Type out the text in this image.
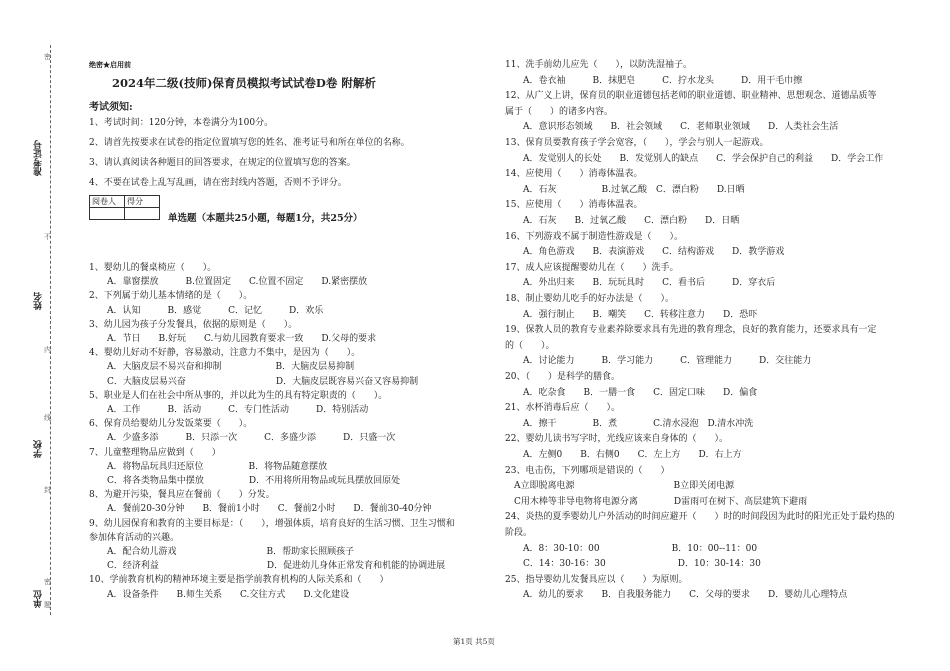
密
不
内
线
封
密
题
准考证号
姓名
学校
单位
绝密★启用前
2024年二级(技师)保育员模拟考试试卷D卷 附解析
考试须知:
1、考试时间：120分钟，本卷满分为100分。
2、请首先按要求在试卷的指定位置填写您的姓名、准考证号和所在单位的名称。
3、请认真阅读各种题目的回答要求，在规定的位置填写您的答案。
4、不要在试卷上乱写乱画，请在密封线内答题，否则不予评分。
阅卷人	得分

单选题（本题共25小题，每题1分，共25分）
1、婴幼儿的餐桌椅应（　　）。
　　A．靠窗摆放　　　B.位置固定　　C.位置不固定　　D.紧密摆放
2、下列属于幼儿基本情绪的是（　　）。
　　A．认知　　　B．感觉　　　C．记忆　　　D．欢乐
3、幼儿园为孩子分发餐具，依据的原则是（　　）。
　　A．节日　　B.好玩　　C.与幼儿园教育要求一致　　D.父母的要求
4、婴幼儿好动不好静，容易激动，注意力不集中，是因为（　　）。
　　A．大脑皮层不易兴奋和抑制　　　　　　B．大脑皮层易抑制
　　C．大脑皮层易兴奋　　　　　　　　　　D．大脑皮层既容易兴奋又容易抑制
5、职业是人们在社会中所从事的，并以此为生的具有特定职责的（　　）。
　　A．工作　　　B．活动　　　C．专门性活动　　　D．特别活动
6、保育员给婴幼儿分发饭菜要（　　）。
　　A．少盛多添　　　B．只添一次　　　C．多盛少添　　　D．只盛一次
7、儿童整理物品应做到（　　）
　　A．将物品玩具归还原位　　　　　B．将物品随意摆放
　　C．将各类物品集中摆放　　　　　D．不用将所用物品或玩具摆放回原处
8、为避开污染，餐具应在餐前（　　）分发。
　　A．餐前20-30分钟　　B．餐前1小时　　C．餐前2小时　　D．餐前30-40分钟
9、幼儿园保育和教育的主要目标是：（　　），增强体质，培育良好的生活习惯、卫生习惯和
参加体育活动的兴趣。
　　A．配合幼儿游戏　　　　　　　　　　B．帮助家长照顾孩子
　　C．经济利益　　　　　　　　　　　　D．促进幼儿身体正常发育和机能的协调进展
10、学前教育机构的精神环境主要是指学前教育机构的人际关系和（　　）
　　A．设备条件　　B.师生关系　　C.交往方式　　D.文化建设
11、洗手前幼儿应先（　　），以防洗湿袖子。
　　A．卷衣袖　　　B．抹肥皂　　　C．拧水龙头　　　D．用干毛巾擦
12、从广义上讲，保育员的职业道德包括老师的职业道德、职业精神、思想观念、道德品质等
属于（　　）的诸多内容。
　　A．意识形态领域　　B．社会领域　　C．老师职业领域　　D．人类社会生活
13、保育员要教育孩子学会宽容，（　　），学会与别人一起游戏。
　　A．发觉别人的长处　　B．发觉别人的缺点　　C．学会保护自己的利益　　D．学会工作
14、应使用（　　）消毒体温表。
　　A．石灰　　　　　B.过氧乙酸　C．漂白粉　　D.日晒
15、应使用（　　）消毒体温表。
　　A．石灰　　B．过氧乙酸　　C．漂白粉　　D．日晒
16、下列游戏不属于制造性游戏是（　　）。
　　A．角色游戏　　B．表演游戏　　C．结构游戏　　D．教学游戏
17、成人应该提醒婴幼儿在（　　）洗手。
　　A．外出归来　　B．玩玩具时　　C．看书后　　　D．穿衣后
18、制止婴幼儿吃手的好办法是（　　）。
　　A．强行制止　　B．嘲笑　　C．转移注意力　　D．恐吓
19、保教人员的教育专业素养除要求具有先进的教育理念，良好的教育能力，还要求具有一定
的（　　）。
　　A．讨论能力　　　B．学习能力　　　C．管理能力　　　D．交往能力
20、（　　）是科学的膳食。
　　A．吃杂食　　B．一膳一食　　C．固定口味　　D．偏食
21、水杯消毒后应（　　）。
　　A．擦干　　　　B．煮　　　　C.清水浸泡　D.清水冲洗
22、婴幼儿读书写字时，光线应该来自身体的（　　）。
　　A．左侧0　　B．右侧0　　C．左上方　　D．右上方
23、电击伤，下列哪项是错误的（　　）
　A立即脱离电源　　　　　　　　　　　B立即关闭电源
　C用木棒等非导电物将电源分离　　　　D雷雨可在树下、高层建筑下避雨
24、炎热的夏季婴幼儿户外活动的时间应避开（　　）时的时间段因为此时的阳光正处于最灼热的
阶段。
　　A．8：30-10：00　　　　　　　　B．10：00--11：00
　　C．14：30-16：30　　　　　　　　D．10：30-14：30
25、指导婴幼儿发餐具应以（　　）为原则。
　　A．幼儿的要求　　B．自我服务能力　　C．父母的要求　　D．婴幼儿心理特点
第1页 共5页
